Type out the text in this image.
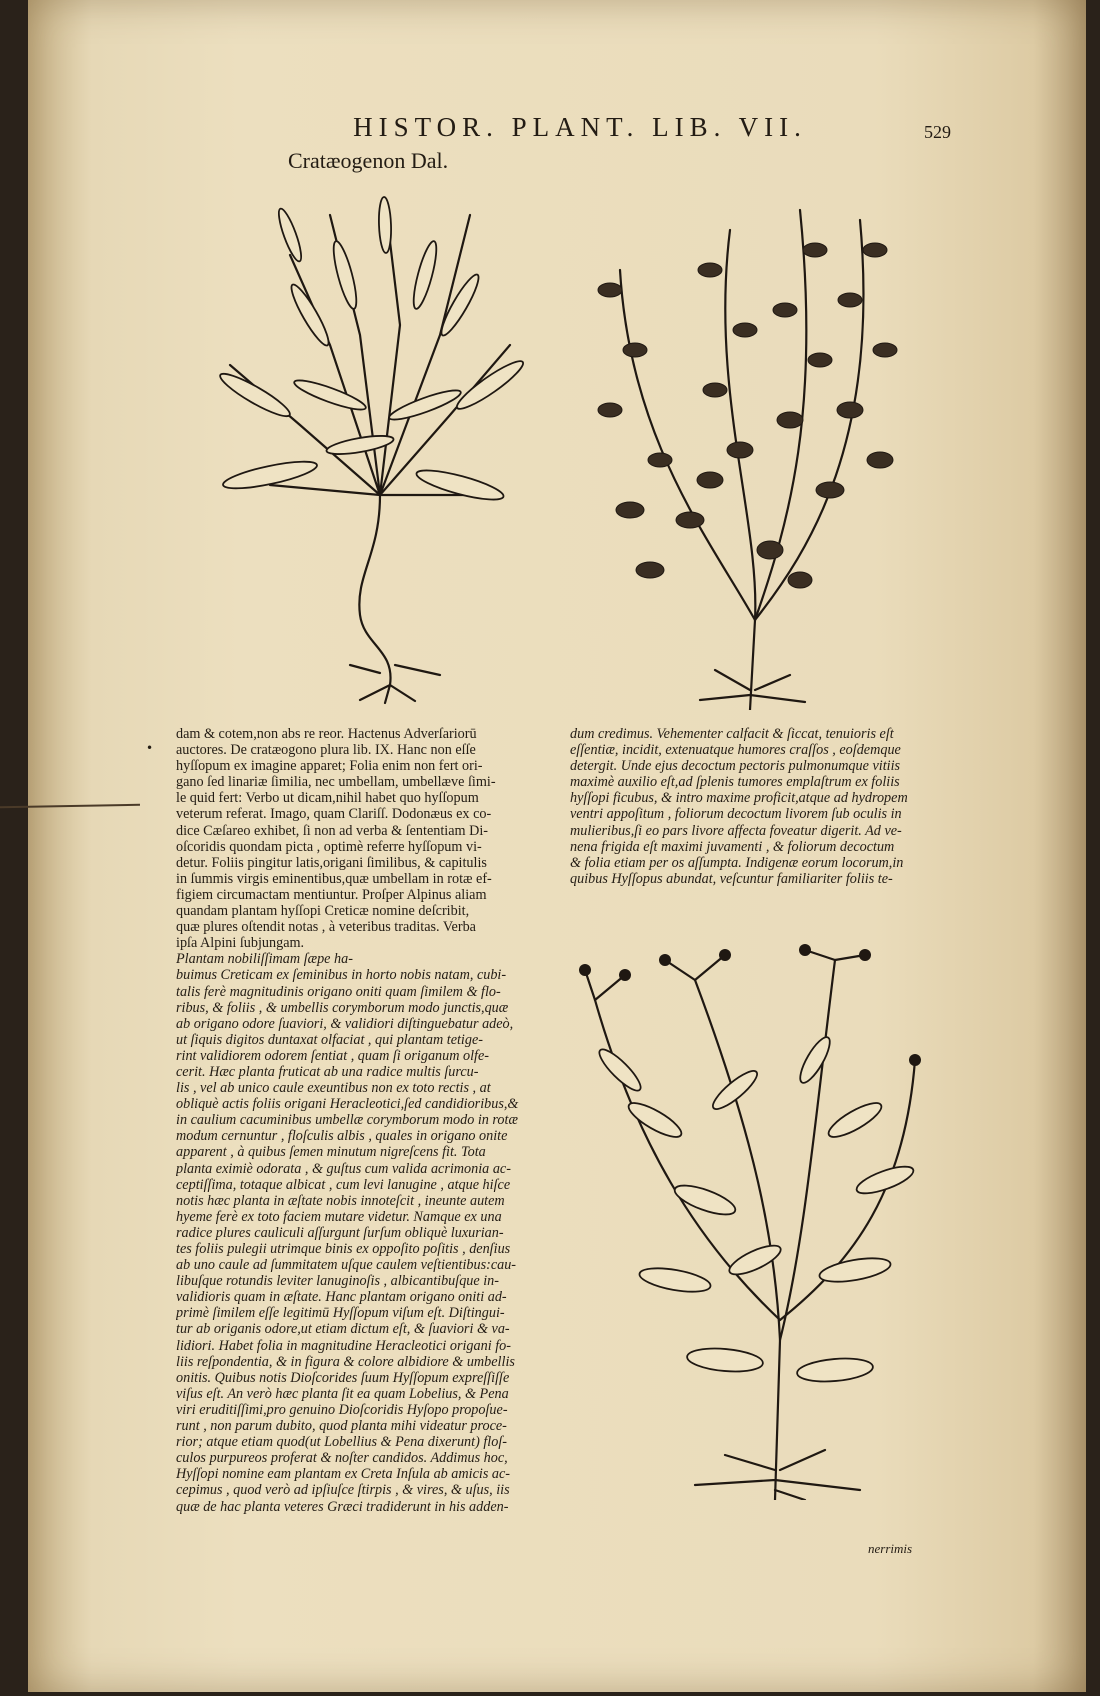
HISTOR. PLANT. LIB. VII.	529
Cratæogenon Dal.
•
dam & cotem,non abs re reor. Hactenus Adverſariorū
auctores. De cratæogono plura lib. IX. Hanc non eſſe
hyſſopum ex imagine apparet; Folia enim non fert ori-
gano ſed linariæ ſimilia, nec umbellam, umbellæve ſimi-
le quid fert: Verbo ut dicam,nihil habet quo hyſſopum
veterum referat. Imago, quam Clariſſ. Dodonæus ex co-
dice Cæſareo exhibet, ſi non ad verba & ſententiam Di-
oſcoridis quondam picta , optimè referre hyſſopum vi-
detur. Foliis pingitur latis,origani ſimilibus, & capitulis
in ſummis virgis eminentibus,quæ umbellam in rotæ ef-
figiem circumactam mentiuntur. Proſper Alpinus aliam
quandam plantam hyſſopi Creticæ nomine deſcribit,
quæ plures oſtendit notas , à veteribus traditas. Verba
ipſa Alpini ſubjungam.
Plantam nobiliſſimam ſæpe ha-
buimus Creticam ex ſeminibus in horto nobis natam, cubi-
talis ferè magnitudinis origano oniti quam ſimilem & flo-
ribus, & foliis , & umbellis corymborum modo junctis,quæ
ab origano odore ſuaviori, & validiori diſtinguebatur adeò,
ut ſiquis digitos duntaxat olfaciat , qui plantam tetige-
rint validiorem odorem ſentiat , quam ſi origanum olfe-
cerit. Hæc planta fruticat ab una radice multis ſurcu-
lis , vel ab unico caule exeuntibus non ex toto rectis , at
obliquè actis foliis origani Heracleotici,ſed candidioribus,&
in caulium cacuminibus umbellæ corymborum modo in rotæ
modum cernuntur , floſculis albis , quales in origano onite
apparent , à quibus ſemen minutum nigreſcens fit. Tota
planta eximiè odorata , & guſtus cum valida acrimonia ac-
ceptiſſima, totaque albicat , cum levi lanugine , atque hiſce
notis hæc planta in æſtate nobis innoteſcit , ineunte autem
hyeme ferè ex toto faciem mutare videtur. Namque ex una
radice plures cauliculi aſſurgunt ſurſum obliquè luxurian-
tes foliis pulegii utrimque binis ex oppoſito poſitis , denſius
ab uno caule ad ſummitatem uſque caulem veſtientibus:cau-
libuſque rotundis leviter lanuginoſis , albicantibuſque in-
validioris quam in æſtate. Hanc plantam origano oniti ad-
primè ſimilem eſſe legitimū Hyſſopum viſum eſt. Diſtingui-
tur ab origanis odore,ut etiam dictum eſt, & ſuaviori & va-
lidiori. Habet folia in magnitudine Heracleotici origani fo-
liis reſpondentia, & in figura & colore albidiore & umbellis
onitis. Quibus notis Dioſcorides ſuum Hyſſopum expreſſiſſe
viſus eſt. An verò hæc planta ſit ea quam Lobelius, & Pena
viri eruditiſſimi,pro genuino Dioſcoridis Hyſopo propoſue-
runt , non parum dubito, quod planta mihi videatur proce-
rior; atque etiam quod(ut Lobellius & Pena dixerunt) floſ-
culos purpureos proferat & noſter candidos. Addimus hoc,
Hyſſopi nomine eam plantam ex Creta Inſula ab amicis ac-
cepimus , quod verò ad ipſiuſce ſtirpis , & vires, & uſus, iis
quæ de hac planta veteres Græci tradiderunt in his adden-
dum credimus. Vehementer calfacit & ſiccat, tenuioris eſt
eſſentiæ, incidit, extenuatque humores craſſos , eoſdemque
detergit. Unde ejus decoctum pectoris pulmonumque vitiis
maximè auxilio eſt,ad ſplenis tumores emplaſtrum ex foliis
hyſſopi ficubus, & intro maxime proficit,atque ad hydropem
ventri appoſitum , foliorum decoctum livorem ſub oculis in
mulieribus,ſi eo pars livore affecta foveatur digerit. Ad ve-
nena frigida eſt maximi juvamenti , & foliorum decoctum
& folia etiam per os aſſumpta. Indigenæ eorum locorum,in
quibus Hyſſopus abundat, veſcuntur familiariter foliis te-
nerrimis
